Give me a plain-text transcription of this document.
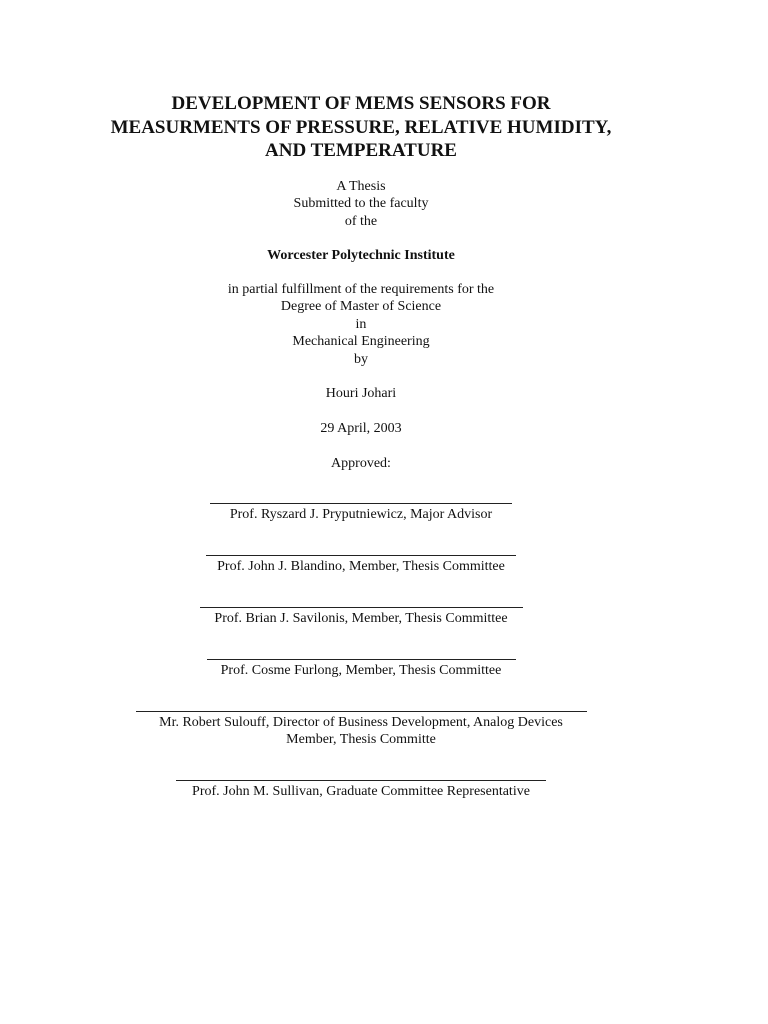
DEVELOPMENT OF MEMS SENSORS FOR
MEASURMENTS OF PRESSURE, RELATIVE HUMIDITY,
AND TEMPERATURE
A Thesis
Submitted to the faculty
of the
Worcester Polytechnic Institute
in partial fulfillment of the requirements for the
Degree of Master of Science
in
Mechanical Engineering
by
Houri Johari
29 April, 2003
Approved:
Prof. Ryszard J. Pryputniewicz, Major Advisor
Prof. John J. Blandino, Member, Thesis Committee
Prof. Brian J. Savilonis, Member, Thesis Committee
Prof. Cosme Furlong, Member, Thesis Committee
Mr. Robert Sulouff, Director of Business Development, Analog Devices
Member, Thesis Committe
Prof. John M. Sullivan, Graduate Committee Representative
